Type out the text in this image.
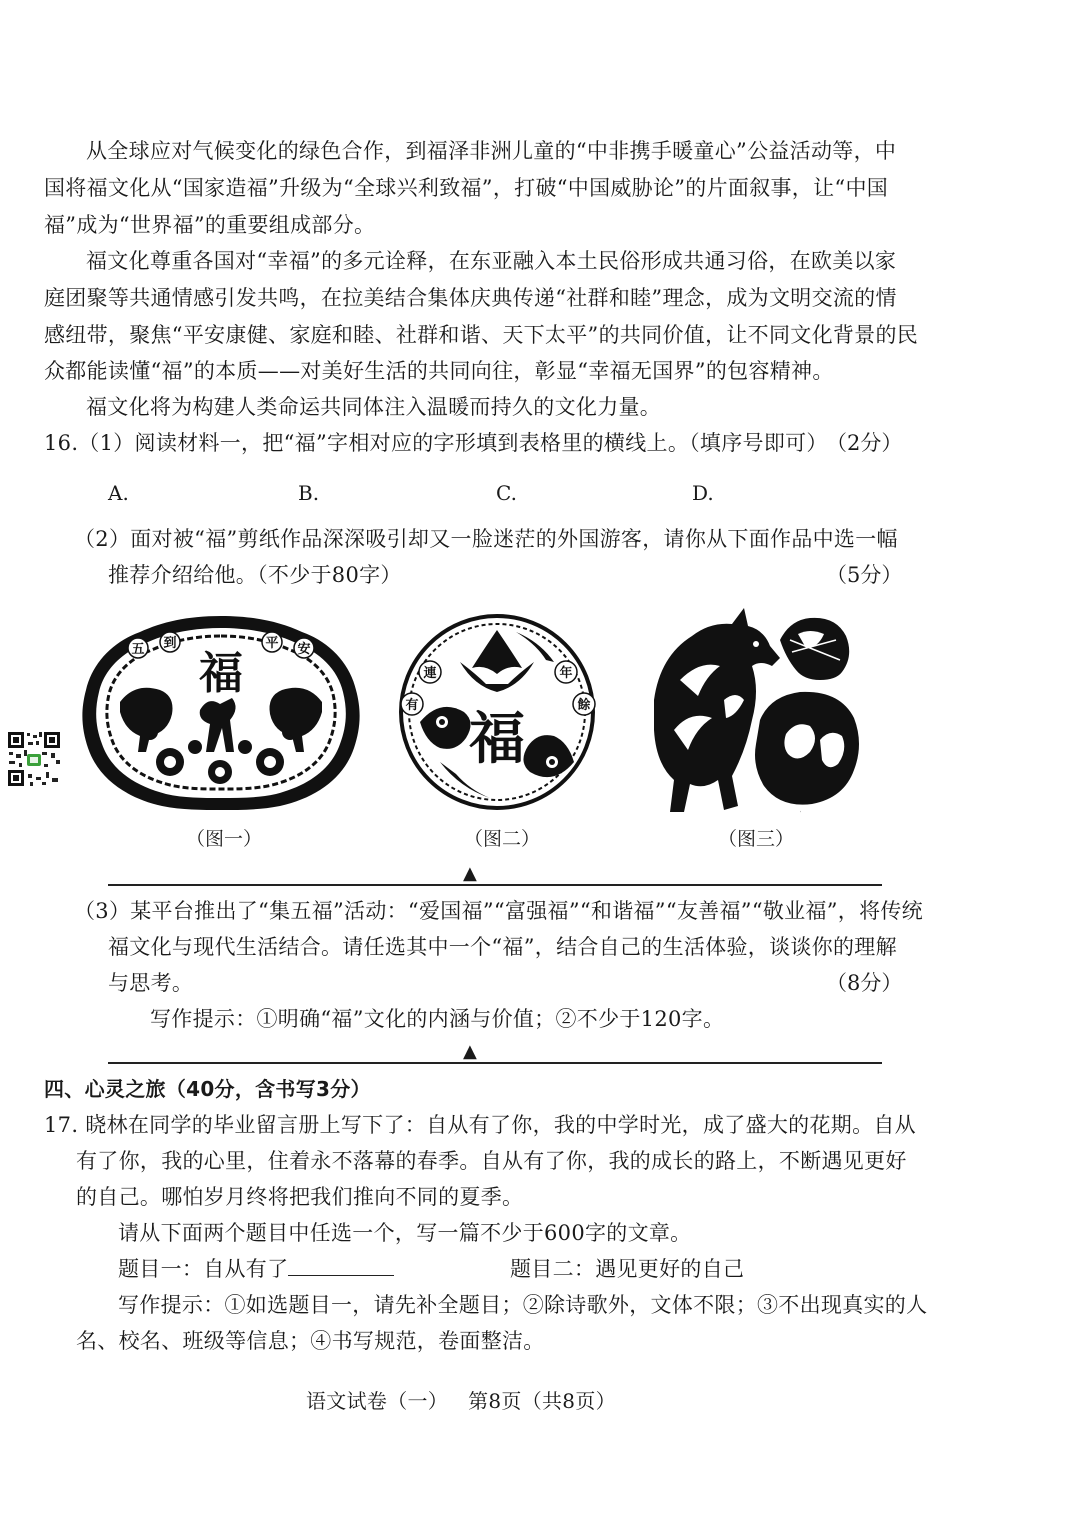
从全球应对气候变化的绿色合作，到福泽非洲儿童的“中非携手暖童心”公益活动等，中
国将福文化从“国家造福”升级为“全球兴利致福”，打破“中国威胁论”的片面叙事，让“中国
福”成为“世界福”的重要组成部分。
福文化尊重各国对“幸福”的多元诠释，在东亚融入本土民俗形成共通习俗，在欧美以家
庭团聚等共通情感引发共鸣，在拉美结合集体庆典传递“社群和睦”理念，成为文明交流的情
感纽带，聚焦“平安康健、家庭和睦、社群和谐、天下太平”的共同价值，让不同文化背景的民
众都能读懂“福”的本质——对美好生活的共同向往，彰显“幸福无国界”的包容精神。
福文化将为构建人类命运共同体注入温暖而持久的文化力量。
16.（1）阅读材料一，把“福”字相对应的字形填到表格里的横线上。（填序号即可）
（2分）
A.	B.	C.	D.
（2）面对被“福”剪纸作品深深吸引却又一脸迷茫的外国游客，请你从下面作品中选一幅
推荐介绍给他。（不少于80字）	（5分）
五 到
福
平 安
（图一）
連
有
年
餘
福
（图二）
福
（图三）
▲
（3）某平台推出了“集五福”活动：“爱国福”“富强福”“和谐福”“友善福”“敬业福”，将传统
福文化与现代生活结合。请任选其中一个“福”，结合自己的生活体验，谈谈你的理解
与思考。	（8分）
写作提示：①明确“福”文化的内涵与价值；②不少于120字。
▲
四、心灵之旅（40分，含书写3分）
17. 晓林在同学的毕业留言册上写下了：自从有了你，我的中学时光，成了盛大的花期。自从
有了你，我的心里，住着永不落幕的春季。自从有了你，我的成长的路上，不断遇见更好
的自己。哪怕岁月终将把我们推向不同的夏季。
请从下面两个题目中任选一个，写一篇不少于600字的文章。
题目一：自从有了	题目二：遇见更好的自己
写作提示：①如选题目一，请先补全题目；②除诗歌外，文体不限；③不出现真实的人
名、校名、班级等信息；④书写规范，卷面整洁。
语文试卷（一）   第8页（共8页）
